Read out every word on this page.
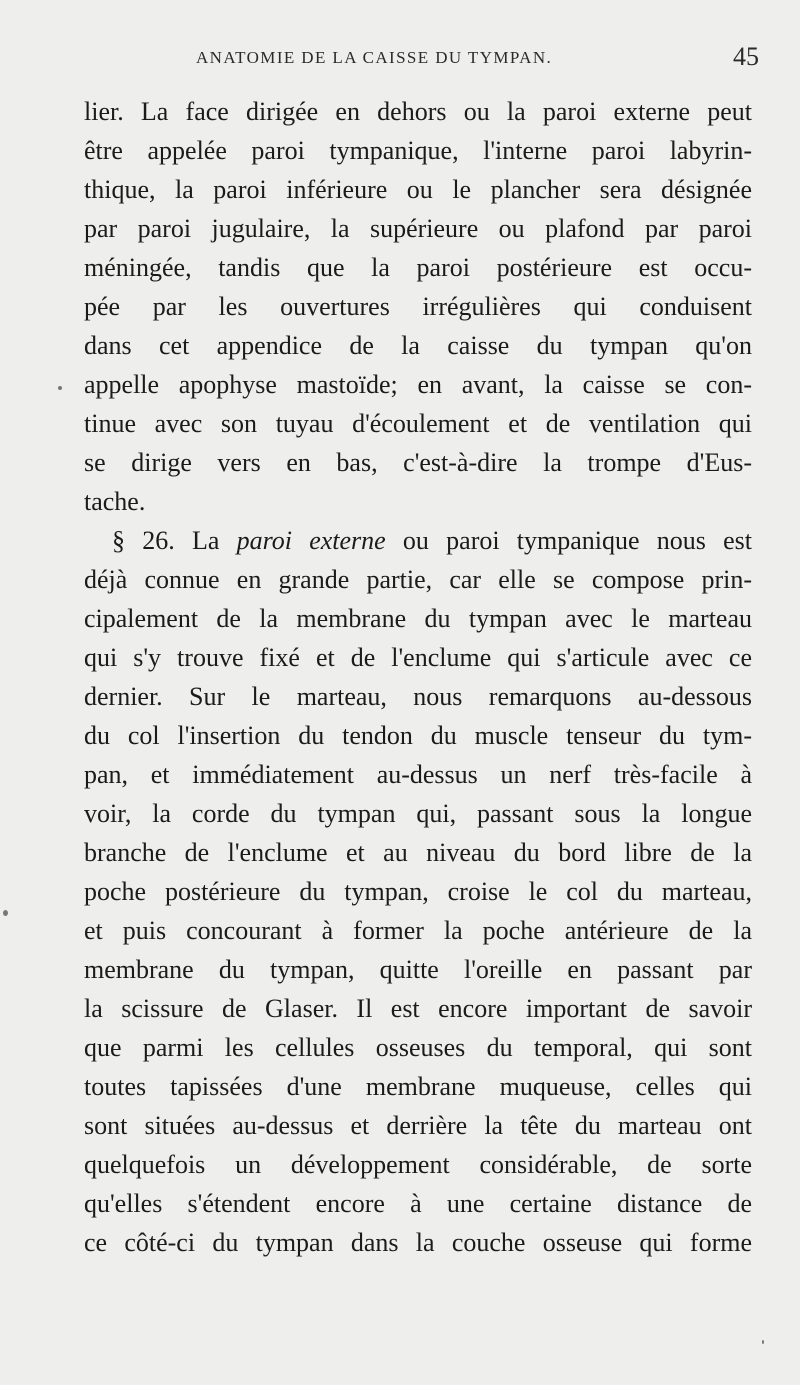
ANATOMIE DE LA CAISSE DU TYMPAN.	45
lier. La face dirigée en dehors ou la paroi externe peut
être appelée paroi tympanique, l'interne paroi labyrin-
thique, la paroi inférieure ou le plancher sera désignée
par paroi jugulaire, la supérieure ou plafond par paroi
méningée, tandis que la paroi postérieure est occu-
pée par les ouvertures irrégulières qui conduisent
dans cet appendice de la caisse du tympan qu'on
appelle apophyse mastoïde; en avant, la caisse se con-
tinue avec son tuyau d'écoulement et de ventilation qui
se dirige vers en bas, c'est-à-dire la trompe d'Eus-
tache.
§ 26. La paroi externe ou paroi tympanique nous est
déjà connue en grande partie, car elle se compose prin-
cipalement de la membrane du tympan avec le marteau
qui s'y trouve fixé et de l'enclume qui s'articule avec ce
dernier. Sur le marteau, nous remarquons au-dessous
du col l'insertion du tendon du muscle tenseur du tym-
pan, et immédiatement au-dessus un nerf très-facile à
voir, la corde du tympan qui, passant sous la longue
branche de l'enclume et au niveau du bord libre de la
poche postérieure du tympan, croise le col du marteau,
et puis concourant à former la poche antérieure de la
membrane du tympan, quitte l'oreille en passant par
la scissure de Glaser. Il est encore important de savoir
que parmi les cellules osseuses du temporal, qui sont
toutes tapissées d'une membrane muqueuse, celles qui
sont situées au-dessus et derrière la tête du marteau ont
quelquefois un développement considérable, de sorte
qu'elles s'étendent encore à une certaine distance de
ce côté-ci du tympan dans la couche osseuse qui forme
